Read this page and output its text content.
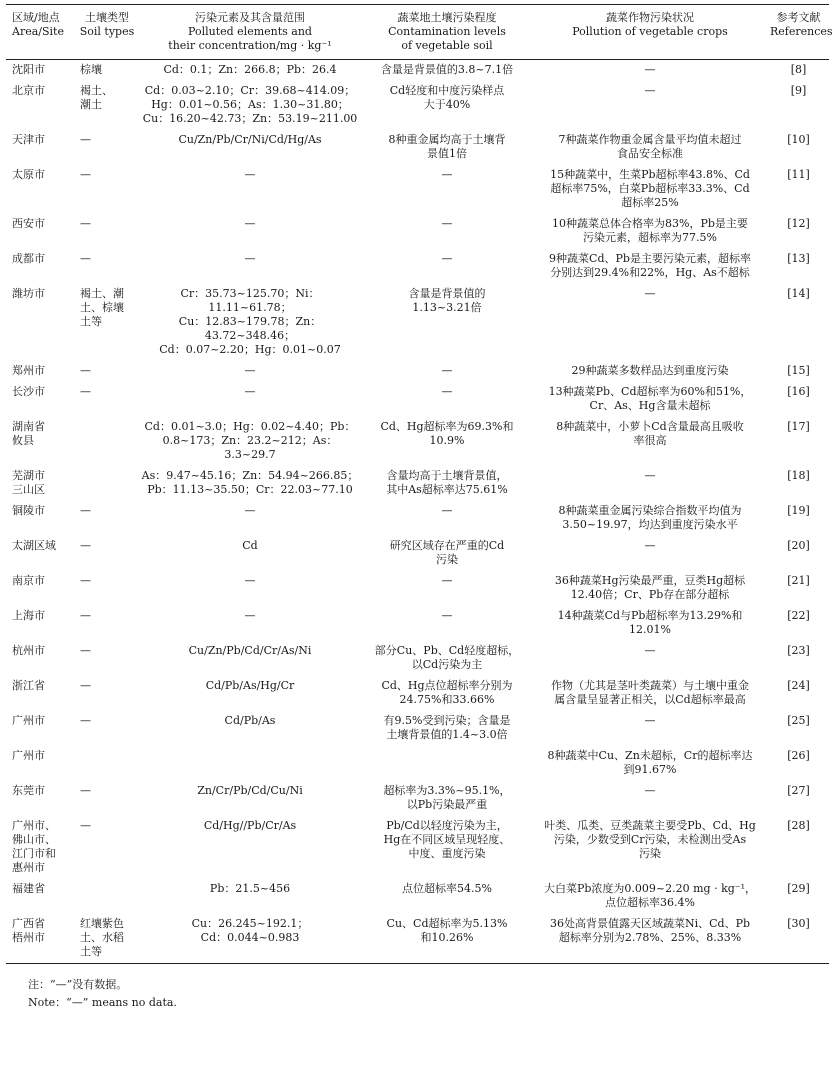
区域/地点
Area/Site	土壤类型
Soil types	污染元素及其含量范围
Polluted elements and
their concentration/mg · kg⁻¹	蔬菜地土壤污染程度
Contamination levels
of vegetable soil	蔬菜作物污染状况
Pollution of vegetable crops	参考文献
References

沈阳市	棕壤	Cd：0.1；Zn：266.8；Pb：26.4	含量是背景值的3.8~7.1倍	—	[8]

北京市	褐土、
潮土	Cd：0.03~2.10；Cr：39.68~414.09；
Hg：0.01~0.56；As：1.30~31.80；
Cu：16.20~42.73；Zn：53.19~211.00	Cd轻度和中度污染样点
大于40%	—	[9]

天津市	—	Cu/Zn/Pb/Cr/Ni/Cd/Hg/As	8种重金属均高于土壤背
景值1倍	7种蔬菜作物重金属含量平均值未超过
食品安全标准	[10]

太原市	—	—	—	15种蔬菜中，生菜Pb超标率43.8%、Cd
超标率75%，白菜Pb超标率33.3%、Cd
超标率25%	[11]

西安市	—	—	—	10种蔬菜总体合格率为83%，Pb是主要
污染元素，超标率为77.5%	[12]

成都市	—	—	—	9种蔬菜Cd、Pb是主要污染元素，超标率
分别达到29.4%和22%，Hg、As不超标	[13]

潍坊市	褐土、潮
土、棕壤
土等	Cr：35.73~125.70；Ni：11.11~61.78；
Cu：12.83~179.78；Zn：43.72~348.46；
Cd：0.07~2.20；Hg：0.01~0.07	含量是背景值的
1.13~3.21倍	—	[14]

郑州市	—	—	—	29种蔬菜多数样品达到重度污染	[15]

长沙市	—	—	—	13种蔬菜Pb、Cd超标率为60%和51%，
Cr、As、Hg含量未超标	[16]

湖南省
攸县		Cd：0.01~3.0；Hg：0.02~4.40；Pb：
0.8~173；Zn：23.2~212；As：3.3~29.7	Cd、Hg超标率为69.3%和
10.9%	8种蔬菜中，小萝卜Cd含量最高且吸收
率很高	[17]

芜湖市
三山区		As：9.47~45.16；Zn：54.94~266.85；
Pb：11.13~35.50；Cr：22.03~77.10	含量均高于土壤背景值，
其中As超标率达75.61%	—	[18]

铜陵市	—	—	—	8种蔬菜重金属污染综合指数平均值为
3.50~19.97，均达到重度污染水平	[19]

太湖区域	—	Cd	研究区域存在严重的Cd
污染	—	[20]

南京市	—	—	—	36种蔬菜Hg污染最严重，豆类Hg超标
12.40倍；Cr、Pb存在部分超标	[21]

上海市	—	—	—	14种蔬菜Cd与Pb超标率为13.29%和
12.01%	[22]

杭州市	—	Cu/Zn/Pb/Cd/Cr/As/Ni	部分Cu、Pb、Cd轻度超标，
以Cd污染为主	—	[23]

浙江省	—	Cd/Pb/As/Hg/Cr	Cd、Hg点位超标率分别为
24.75%和33.66%	作物（尤其是茎叶类蔬菜）与土壤中重金
属含量呈显著正相关，以Cd超标率最高	[24]

广州市	—	Cd/Pb/As	有9.5%受到污染；含量是
土壤背景值的1.4~3.0倍	—	[25]

广州市				8种蔬菜中Cu、Zn未超标，Cr的超标率达
到91.67%	[26]

东莞市	—	Zn/Cr/Pb/Cd/Cu/Ni	超标率为3.3%~95.1%，
以Pb污染最严重	—	[27]

广州市、
佛山市、
江门市和
惠州市	—	Cd/Hg//Pb/Cr/As	Pb/Cd以轻度污染为主，
Hg在不同区域呈现轻度、
中度、重度污染	叶类、瓜类、豆类蔬菜主要受Pb、Cd、Hg
污染，少数受到Cr污染，未检测出受As
污染	[28]

福建省		Pb：21.5~456	点位超标率54.5%	大白菜Pb浓度为0.009~2.20 mg · kg⁻¹，
点位超标率36.4%	[29]

广西省
梧州市	红壤紫色
土、水稻
土等	Cu：26.245~192.1；
Cd：0.044~0.983	Cu、Cd超标率为5.13%
和10.26%	36处高背景值露天区域蔬菜Ni、Cd、Pb
超标率分别为2.78%、25%、8.33%	[30]
注：“—”没有数据。
Note：“—” means no data.
